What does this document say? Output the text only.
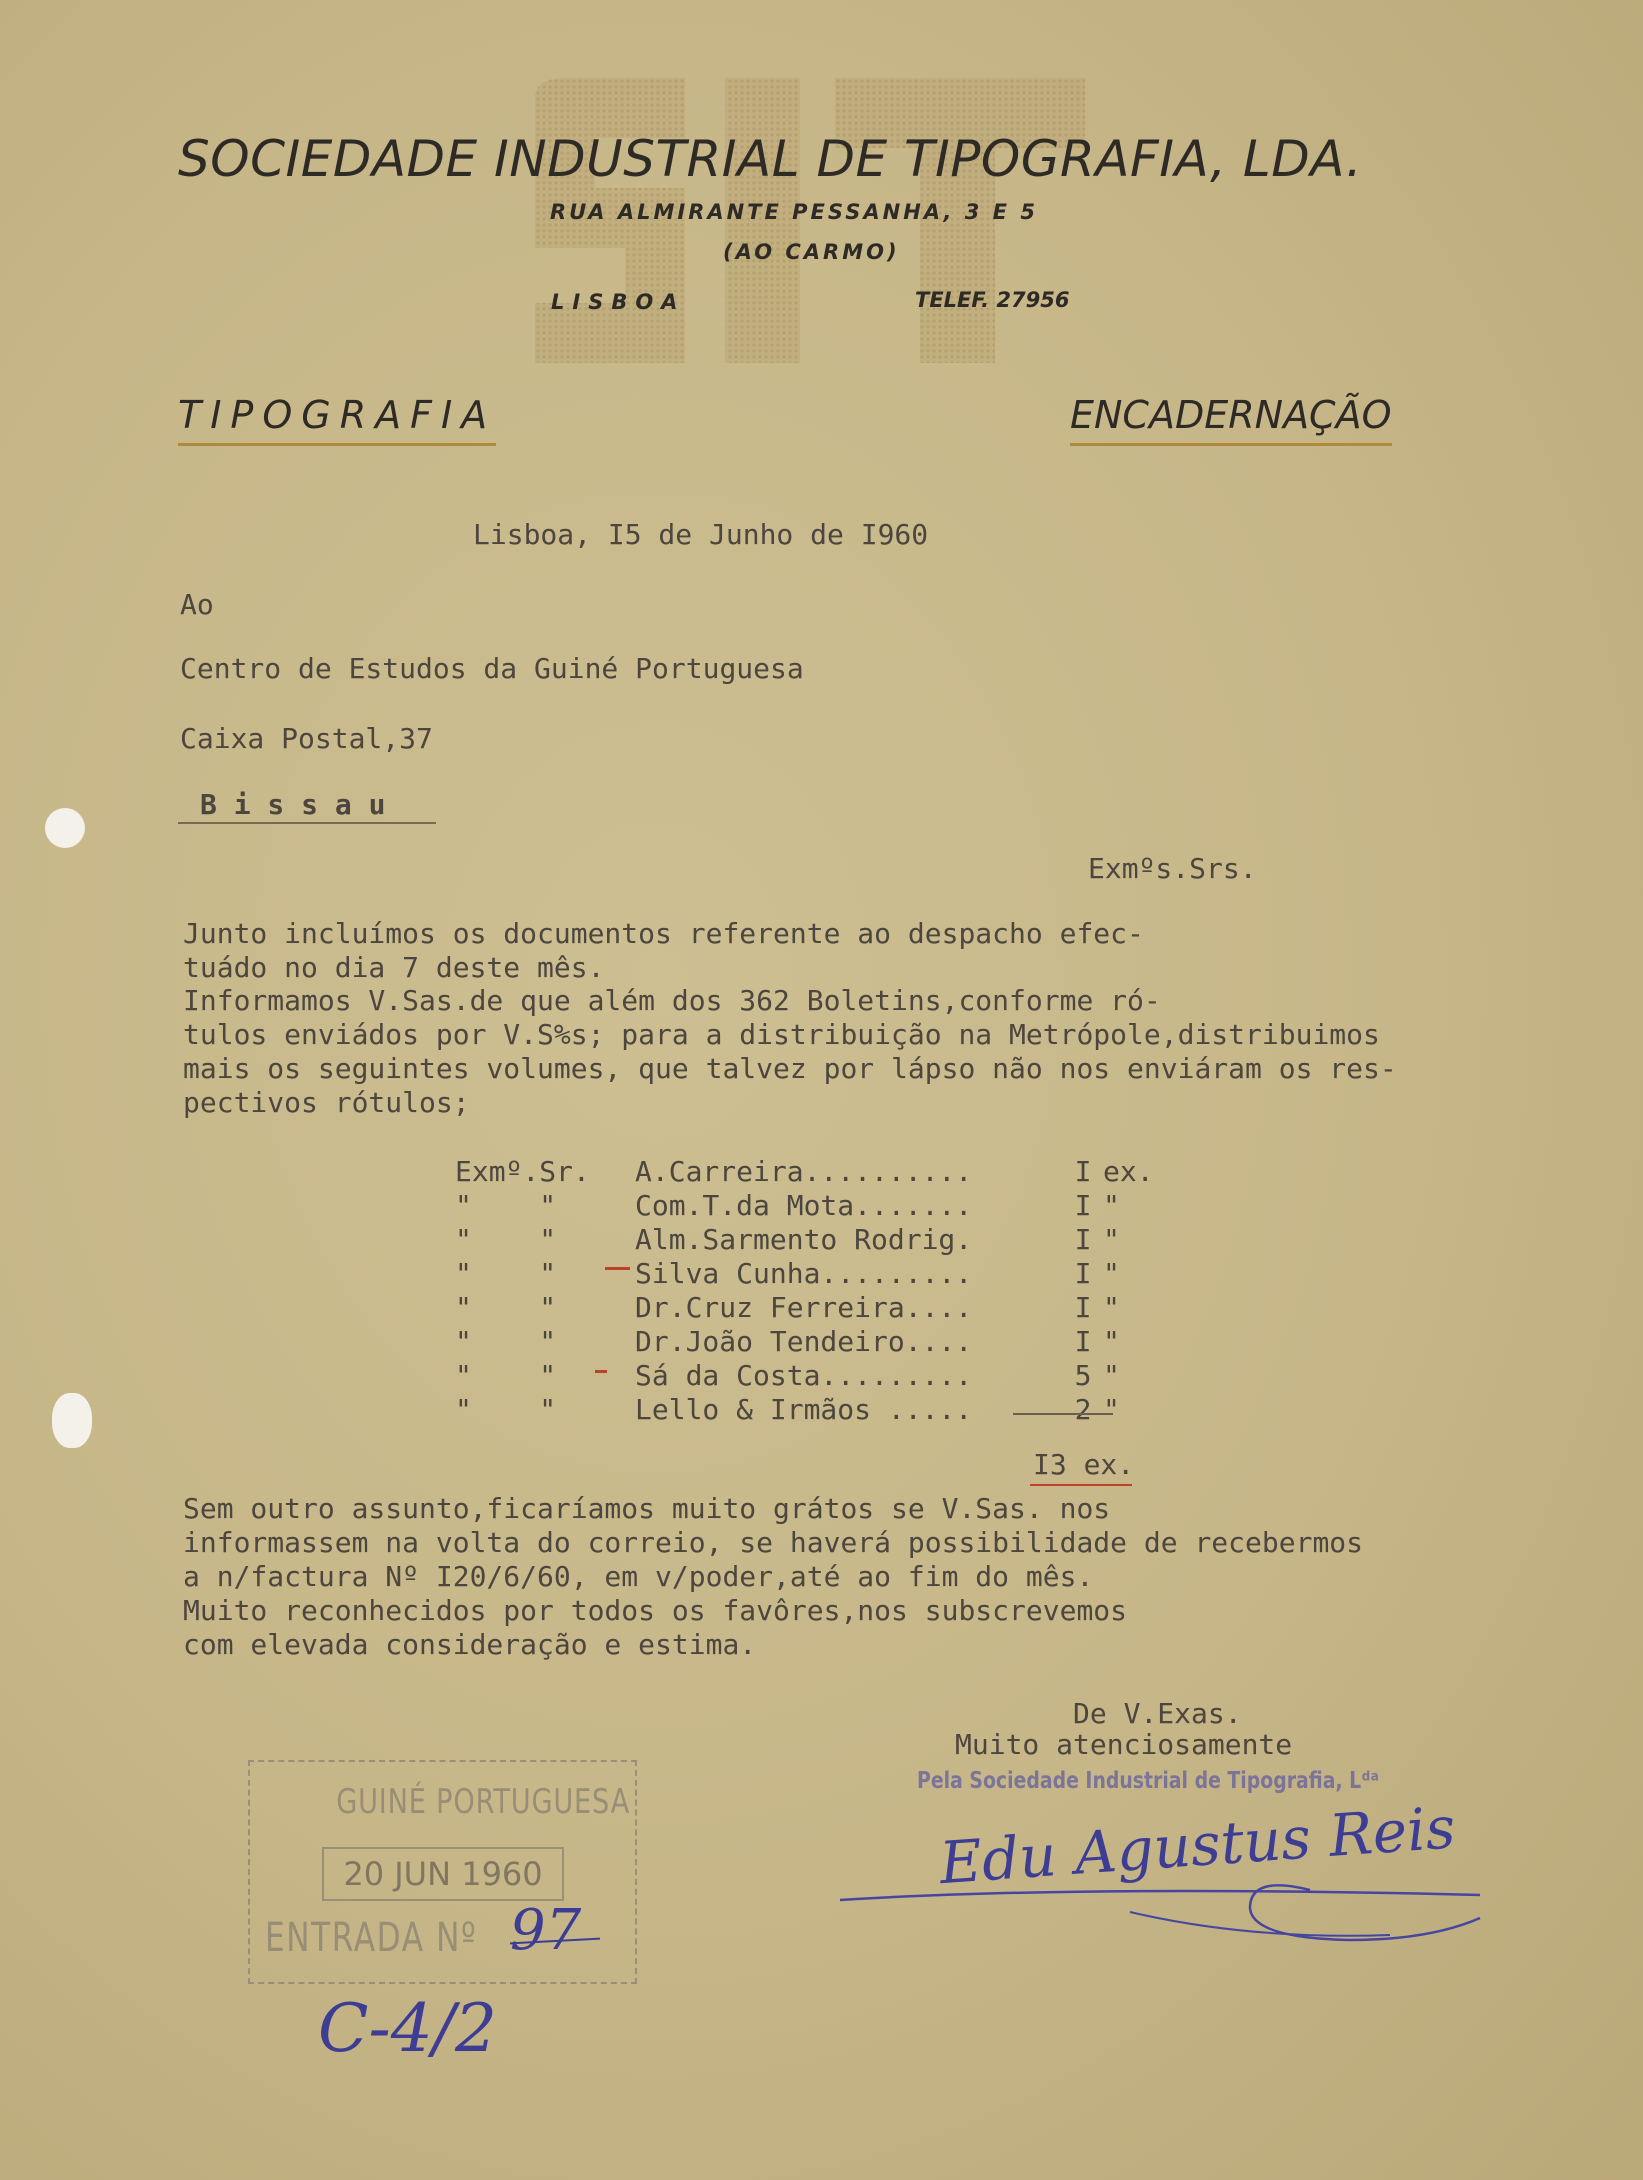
SOCIEDADE INDUSTRIAL DE TIPOGRAFIA, LDA.
RUA ALMIRANTE PESSANHA, 3 E 5
(AO CARMO)
LISBOA	TELEF. 27956
TIPOGRAFIA	ENCADERNAÇÃO
Lisboa, I5 de Junho de I960
Ao
Centro de Estudos da Guiné Portuguesa
Caixa Postal,37
B i s s a u
Exmºs.Srs.
Junto incluímos os documentos referente ao despacho efec-
tuádo no dia 7 deste mês.
Informamos V.Sas.de que além dos 362 Boletins,conforme ró-
tulos enviádos por V.S%s; para a distribuição na Metrópole,distribuimos
mais os seguintes volumes, que talvez por lápso não nos enviáram os res-
pectivos rótulos;
Exmº.Sr.	A.Carreira..........	I ex.
"    "	Com.T.da Mota.......	I "
"    "	Alm.Sarmento Rodrig.	I "
"    "	Silva Cunha.........	I "
"    "	Dr.Cruz Ferreira....	I "
"    "	Dr.João Tendeiro....	I "
"    "	Sá da Costa.........	5 "
"    "	Lello & Irmãos .....	2 "
I3 ex.
Sem outro assunto,ficaríamos muito grátos se V.Sas. nos
informassem na volta do correio, se haverá possibilidade de recebermos
a n/factura Nº I20/6/60, em v/poder,até ao fim do mês.
Muito reconhecidos por todos os favôres,nos subscrevemos
com elevada consideração e estima.
De V.Exas.
Muito atenciosamente
Pela Sociedade Industrial de Tipografia, Lᵈᵃ
Edu Agustus Reis
GUINÉ PORTUGUESA
20 JUN 1960
ENTRADA Nº 97
C-4/2
